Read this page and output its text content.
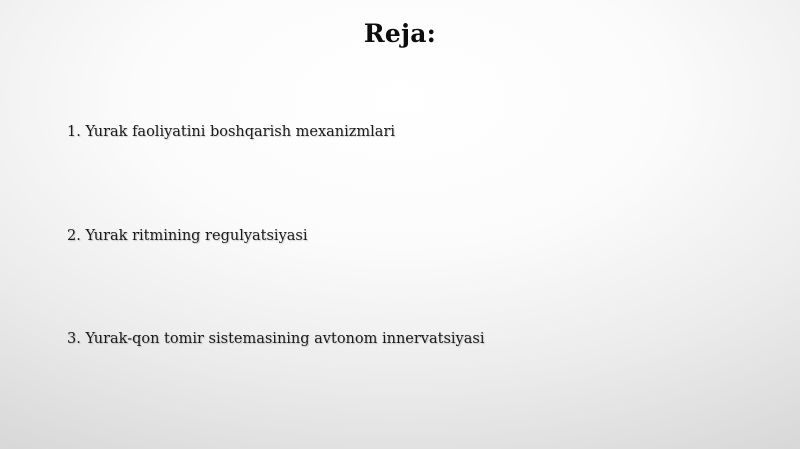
Reja:
1. Yurak faoliyatini boshqarish mexanizmlari
2. Yurak ritmining regulyatsiyasi
3. Yurak-qon tomir sistemasining avtonom innervatsiyasi
